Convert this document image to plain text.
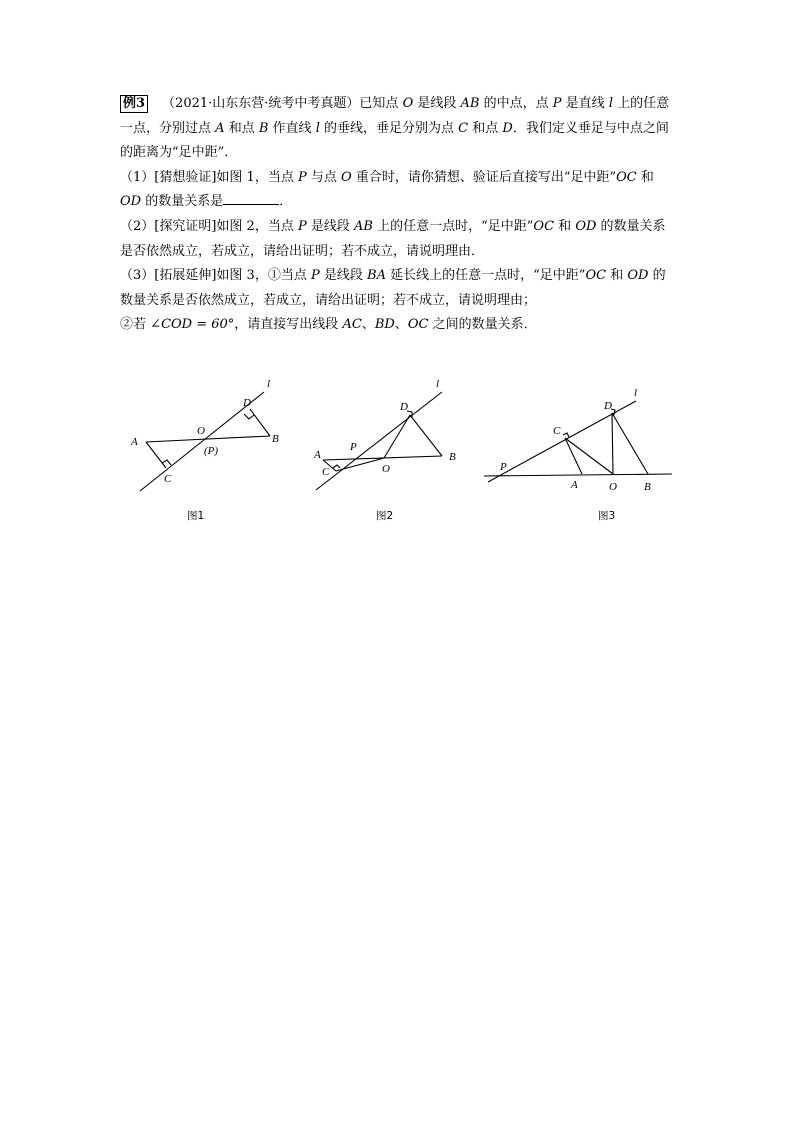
例3 （2021·山东东营·统考中考真题）已知点 O 是线段 AB 的中点，点 P 是直线 l 上的任意一点，分别过点 A 和点 B 作直线 l 的垂线，垂足分别为点 C 和点 D．我们定义垂足与中点之间的距离为“足中距”．

（1）[猜想验证]如图 1，当点 P 与点 O 重合时，请你猜想、验证后直接写出“足中距”OC 和 OD 的数量关系是	．

（2）[探究证明]如图 2，当点 P 是线段 AB 上的任意一点时，“足中距”OC 和 OD 的数量关系是否依然成立，若成立，请给出证明；若不成立，请说明理由．

（3）[拓展延伸]如图 3，①当点 P 是线段 BA 延长线上的任意一点时，“足中距”OC 和 OD 的数量关系是否依然成立，若成立，请给出证明；若不成立，请说明理由；

②若 ∠COD = 60°，请直接写出线段 AC、BD、OC 之间的数量关系．

l
D
A
O
(P)
B
C
l
D
P
A
C	O
B
l
D
C
P
A	O B
图1	图2	图3
